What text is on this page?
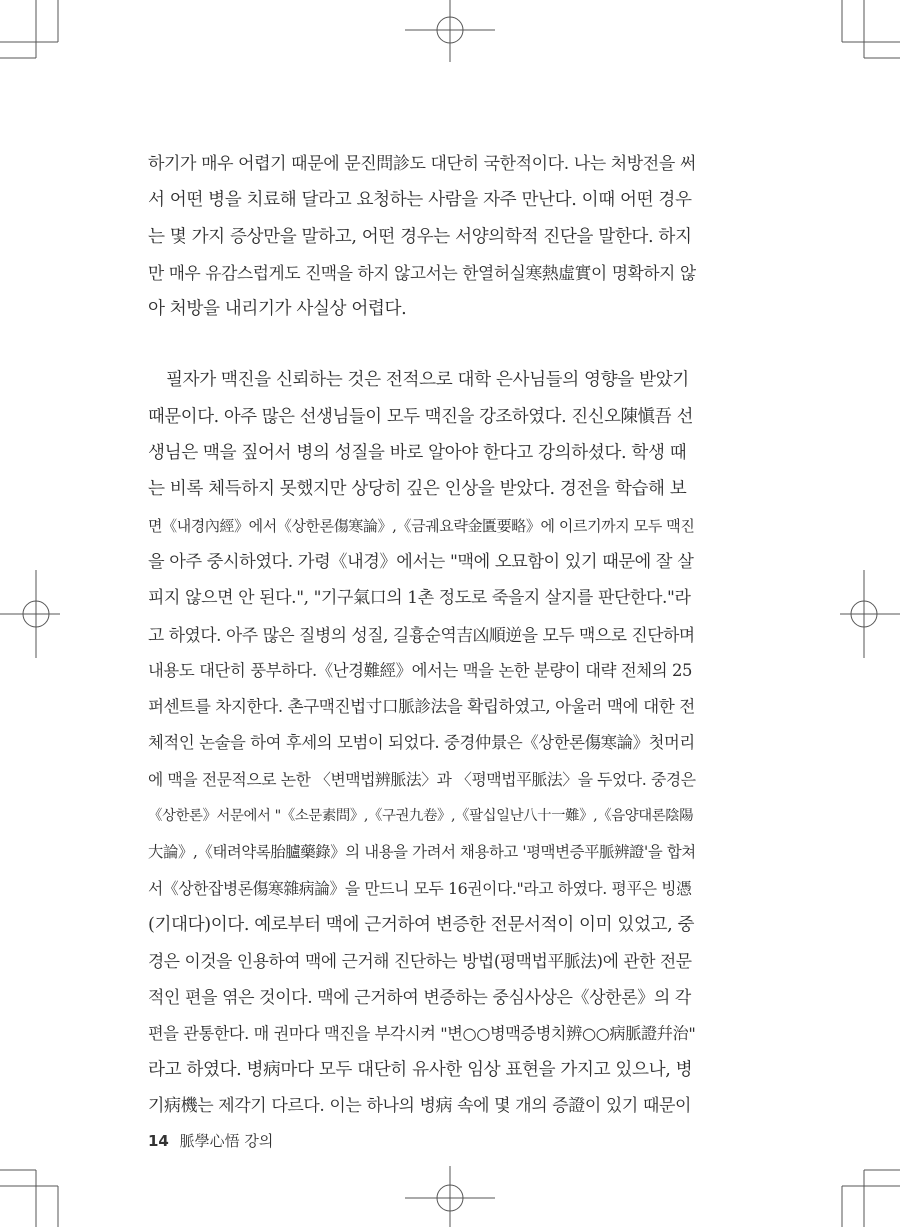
하기가 매우 어렵기 때문에 문진問診도 대단히 국한적이다. 나는 처방전을 써
서 어떤 병을 치료해 달라고 요청하는 사람을 자주 만난다. 이때 어떤 경우
는 몇 가지 증상만을 말하고, 어떤 경우는 서양의학적 진단을 말한다. 하지
만 매우 유감스럽게도 진맥을 하지 않고서는 한열허실寒熱虛實이 명확하지 않
아 처방을 내리기가 사실상 어렵다.

필자가 맥진을 신뢰하는 것은 전적으로 대학 은사님들의 영향을 받았기
때문이다. 아주 많은 선생님들이 모두 맥진을 강조하였다. 진신오陳愼吾 선
생님은 맥을 짚어서 병의 성질을 바로 알아야 한다고 강의하셨다. 학생 때
는 비록 체득하지 못했지만 상당히 깊은 인상을 받았다. 경전을 학습해 보
면《내경內經》에서《상한론傷寒論》,《금궤요략金匱要略》에 이르기까지 모두 맥진
을 아주 중시하였다. 가령《내경》에서는 "맥에 오묘함이 있기 때문에 잘 살
피지 않으면 안 된다.", "기구氣口의 1촌 정도로 죽을지 살지를 판단한다."라
고 하였다. 아주 많은 질병의 성질, 길흉순역吉凶順逆을 모두 맥으로 진단하며
내용도 대단히 풍부하다.《난경難經》에서는 맥을 논한 분량이 대략 전체의 25
퍼센트를 차지한다. 촌구맥진법寸口脈診法을 확립하였고, 아울러 맥에 대한 전
체적인 논술을 하여 후세의 모범이 되었다. 중경仲景은《상한론傷寒論》첫머리
에 맥을 전문적으로 논한 〈변맥법辨脈法〉과 〈평맥법平脈法〉을 두었다. 중경은
《상한론》서문에서 "《소문素問》,《구권九卷》,《팔십일난八十一難》,《음양대론陰陽
大論》,《태려약록胎臚藥錄》의 내용을 가려서 채용하고 '평맥변증平脈辨證'을 합쳐
서《상한잡병론傷寒雜病論》을 만드니 모두 16권이다."라고 하였다. 평平은 빙憑
(기대다)이다. 예로부터 맥에 근거하여 변증한 전문서적이 이미 있었고, 중
경은 이것을 인용하여 맥에 근거해 진단하는 방법(평맥법平脈法)에 관한 전문
적인 편을 엮은 것이다. 맥에 근거하여 변증하는 중심사상은《상한론》의 각
편을 관통한다. 매 권마다 맥진을 부각시켜 "변○○병맥증병치辨○○病脈證幷治"
라고 하였다. 병病마다 모두 대단히 유사한 임상 표현을 가지고 있으나, 병
기病機는 제각기 다르다. 이는 하나의 병病 속에 몇 개의 증證이 있기 때문이

14 脈學心悟 강의
